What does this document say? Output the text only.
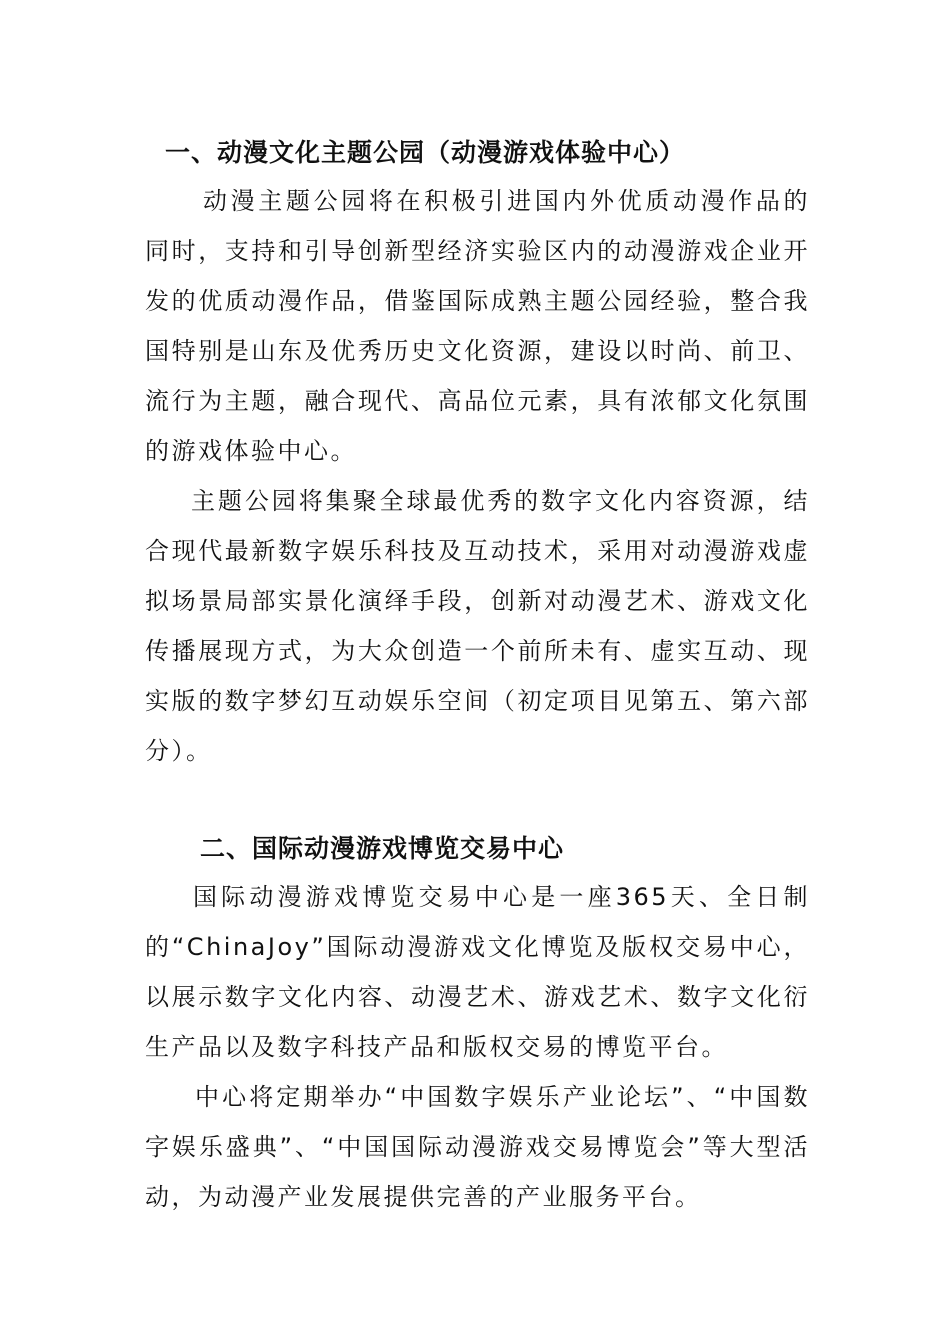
一、动漫文化主题公园（动漫游戏体验中心）

动漫主题公园将在积极引进国内外优质动漫作品的同时，支持和引导创新型经济实验区内的动漫游戏企业开发的优质动漫作品，借鉴国际成熟主题公园经验，整合我国特别是山东及优秀历史文化资源，建设以时尚、前卫、流行为主题，融合现代、高品位元素，具有浓郁文化氛围的游戏体验中心。

主题公园将集聚全球最优秀的数字文化内容资源，结合现代最新数字娱乐科技及互动技术，采用对动漫游戏虚拟场景局部实景化演绎手段，创新对动漫艺术、游戏文化传播展现方式，为大众创造一个前所未有、虚实互动、现实版的数字梦幻互动娱乐空间（初定项目见第五、第六部分）。

二、国际动漫游戏博览交易中心

国际动漫游戏博览交易中心是一座365天、全日制的“ChinaJoy”国际动漫游戏文化博览及版权交易中心，以展示数字文化内容、动漫艺术、游戏艺术、数字文化衍生产品以及数字科技产品和版权交易的博览平台。

中心将定期举办“中国数字娱乐产业论坛”、“中国数字娱乐盛典”、“中国国际动漫游戏交易博览会”等大型活动，为动漫产业发展提供完善的产业服务平台。
